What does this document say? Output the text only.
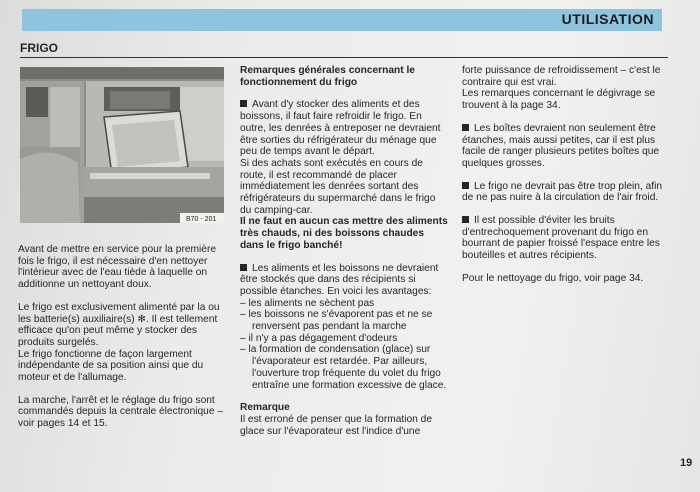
UTILISATION
FRIGO
B70 - 201

Avant de mettre en service pour la première fois le frigo, il est nécessaire d'en nettoyer l'intérieur avec de l'eau tiède à laquelle on additionne un nettoyant doux.

Le frigo est exclusivement alimenté par la ou les batterie(s) auxiliaire(s) ✻. Il est tellement efficace qu'on peut même y stocker des produits surgelés.

Le frigo fonctionne de façon largement indépendante de sa position ainsi que du moteur et de l'allumage.

La marche, l'arrêt et le réglage du frigo sont commandés depuis la centrale électronique – voir pages 14 et 15.

Remarques générales concernant le fonctionnement du frigo

Avant d'y stocker des aliments et des boissons, il faut faire refroidir le frigo. En outre, les denrées à entreposer ne devraient être sorties du réfrigérateur du ménage que peu de temps avant le départ.

Si des achats sont exécutés en cours de route, il est recommandé de placer immédiatement les denrées sortant des réfrigérateurs du supermarché dans le frigo du camping-car.

Il ne faut en aucun cas mettre des aliments très chauds, ni des boissons chaudes dans le frigo banché!

Les aliments et les boissons ne devraient être stockés que dans des récipients si possible étanches. En voici les avantages:

– les aliments ne sèchent pas

– les boissons ne s'évaporent pas et ne se renversent pas pendant la marche

– il n'y a pas dégagement d'odeurs

– la formation de condensation (glace) sur l'évaporateur est retardée. Par ailleurs, l'ouverture trop fréquente du volet du frigo entraîne une formation excessive de glace.

Remarque

Il est erroné de penser que la formation de glace sur l'évaporateur est l'indice d'une

forte puissance de refroidissement – c'est le contraire qui est vrai.

Les remarques concernant le dégivrage se trouvent à la page 34.

Les boîtes devraient non seulement être étanches, mais aussi petites, car il est plus facile de ranger plusieurs petites boîtes que quelques grosses.

Le frigo ne devrait pas être trop plein, afin de ne pas nuire à la circulation de l'air froid.

Il est possible d'éviter les bruits d'entrechoquement provenant du frigo en bourrant de papier froissé l'espace entre les bouteilles et autres récipients.

Pour le nettoyage du frigo, voir page 34.

19
